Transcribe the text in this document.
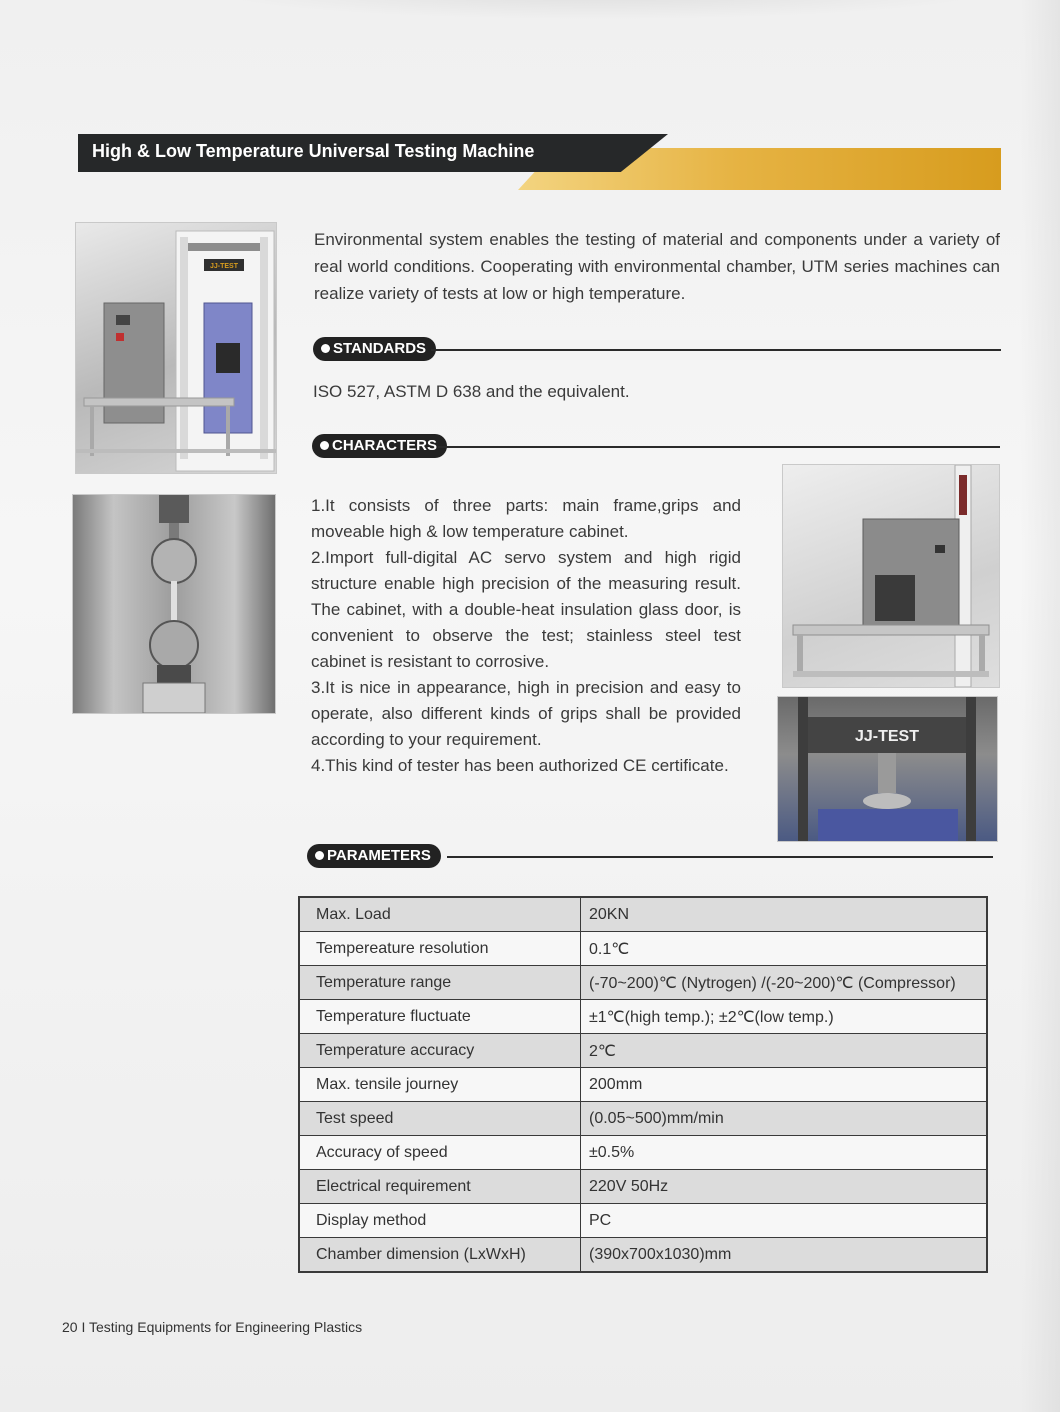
High & Low Temperature Universal Testing Machine
JJ-TEST
JJ-TEST
Environmental system enables the testing of material and components under a variety of real world conditions. Cooperating with environmental chamber, UTM series machines can realize variety of tests at low or high temperature.
STANDARDS
ISO 527, ASTM D 638 and the equivalent.
CHARACTERS

1.It consists of three parts: main frame,grips and moveable high & low temperature cabinet.

2.Import full-digital AC servo system and high rigid structure enable high precision of the measuring result. The cabinet, with a double-heat insulation glass door, is convenient to observe the test; stainless steel test cabinet is resistant to corrosive.

3.It is nice in appearance, high in precision and easy to operate, also different kinds of grips shall be provided according to your requirement.

4.This kind of tester has been authorized CE certificate.

PARAMETERS
Max. Load	20KN
Tempereature resolution	0.1℃
Temperature range	(-70~200)℃ (Nytrogen) /(-20~200)℃ (Compressor)
Temperature fluctuate	±1℃(high temp.); ±2℃(low temp.)
Temperature accuracy	2℃
Max. tensile journey	200mm
Test speed	(0.05~500)mm/min
Accuracy of speed	±0.5%
Electrical requirement	220V 50Hz
Display method	PC
Chamber dimension (LxWxH)	(390x700x1030)mm
20 I Testing Equipments for Engineering Plastics
